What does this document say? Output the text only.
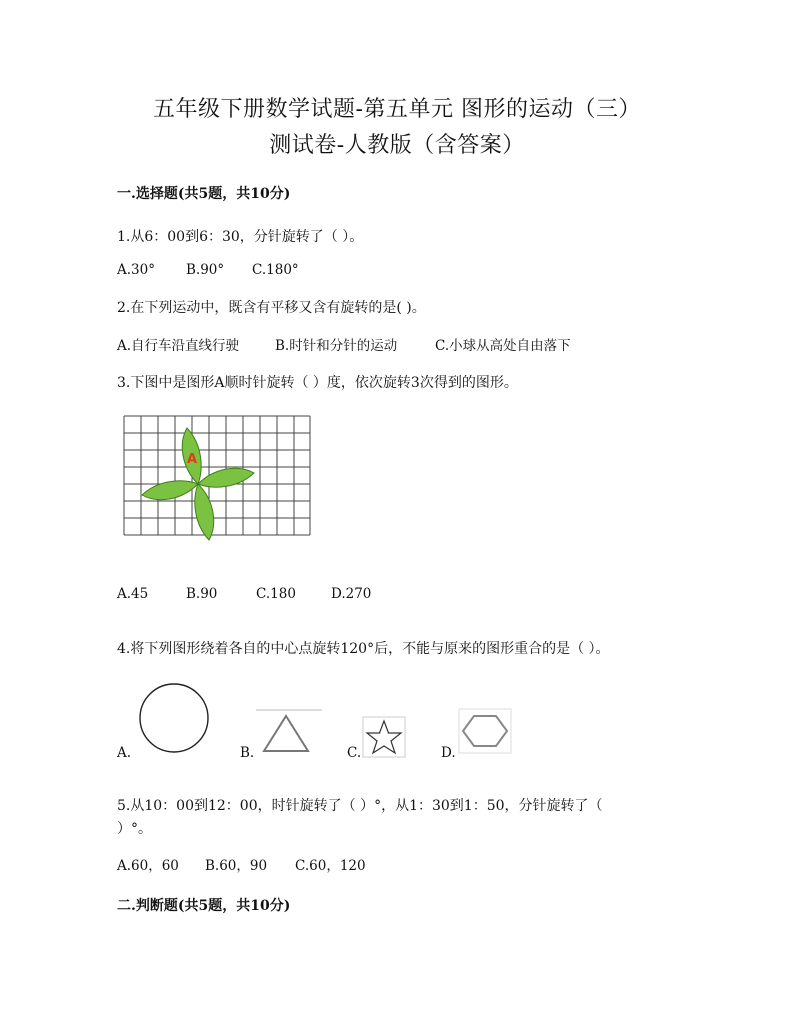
五年级下册数学试题-第五单元 图形的运动（三）
测试卷-人教版（含答案）
一.选择题(共5题，共10分)
1.从6：00到6：30，分针旋转了（ ）。
A.30° B.90° C.180°
2.在下列运动中，既含有平移又含有旋转的是( )。
A.自行车沿直线行驶	B.时针和分针的运动	C.小球从高处自由落下
3.下图中是图形A顺时针旋转（ ）度，依次旋转3次得到的图形。
A
A.45	B.90	C.180	D.270
4.将下列图形绕着各自的中心点旋转120°后，不能与原来的图形重合的是（ ）。
A.	B.	C.	D.
5.从10：00到12：00，时针旋转了（ ）°，从1：30到1：50，分针旋转了（
）°。
A.60，60 B.60，90 C.60，120
二.判断题(共5题，共10分)
